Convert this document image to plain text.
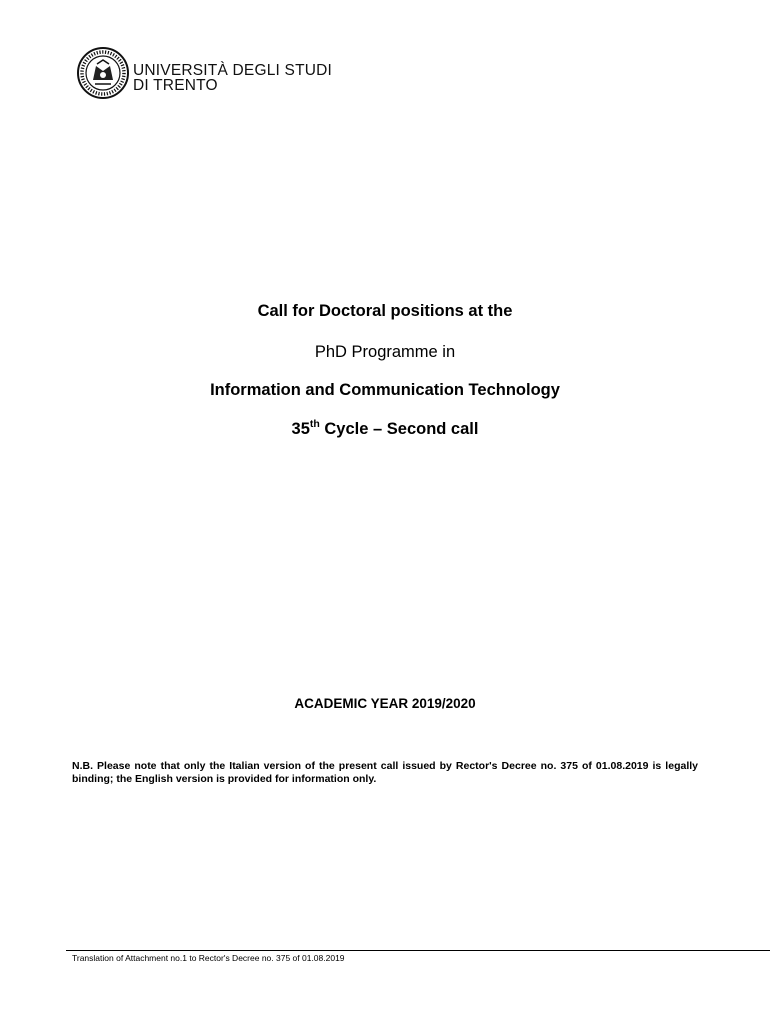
UNIVERSITÀ DEGLI STUDI
DI TRENTO
Call for Doctoral positions at the
PhD Programme in
Information and Communication Technology
35th Cycle – Second call
ACADEMIC YEAR 2019/2020
N.B. Please note that only the Italian version of the present call issued by Rector's Decree no. 375 of 01.08.2019 is legally binding; the English version is provided for information only.
Translation of Attachment no.1 to Rector's Decree no. 375 of 01.08.2019
